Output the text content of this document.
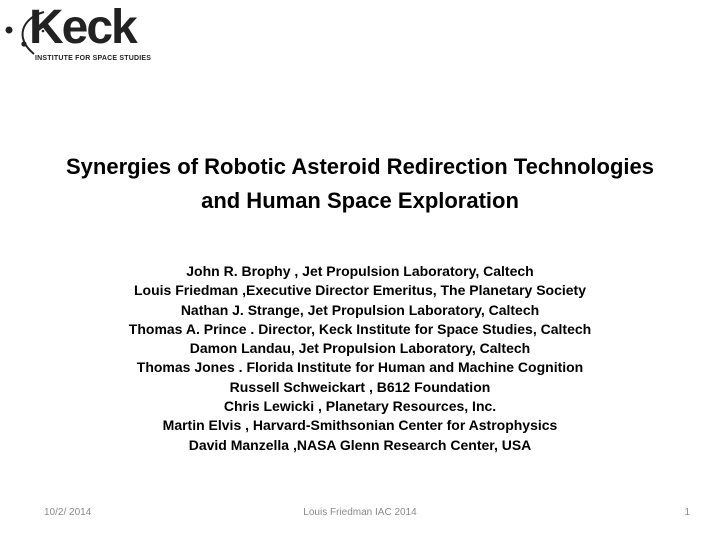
Keck
INSTITUTE FOR SPACE STUDIES
Synergies of Robotic Asteroid Redirection Technologies
and Human Space Exploration
John R. Brophy , Jet Propulsion Laboratory, Caltech
Louis Friedman ,Executive Director Emeritus, The Planetary Society
Nathan J. Strange, Jet Propulsion Laboratory, Caltech
Thomas A. Prince . Director, Keck Institute for Space Studies, Caltech
Damon Landau, Jet Propulsion Laboratory, Caltech
Thomas Jones . Florida Institute for Human and Machine Cognition
Russell Schweickart , B612 Foundation
Chris Lewicki , Planetary Resources, Inc.
Martin Elvis , Harvard-Smithsonian Center for Astrophysics
David Manzella ,NASA Glenn Research Center, USA
10/2/ 2014	Louis Friedman IAC 2014	1
